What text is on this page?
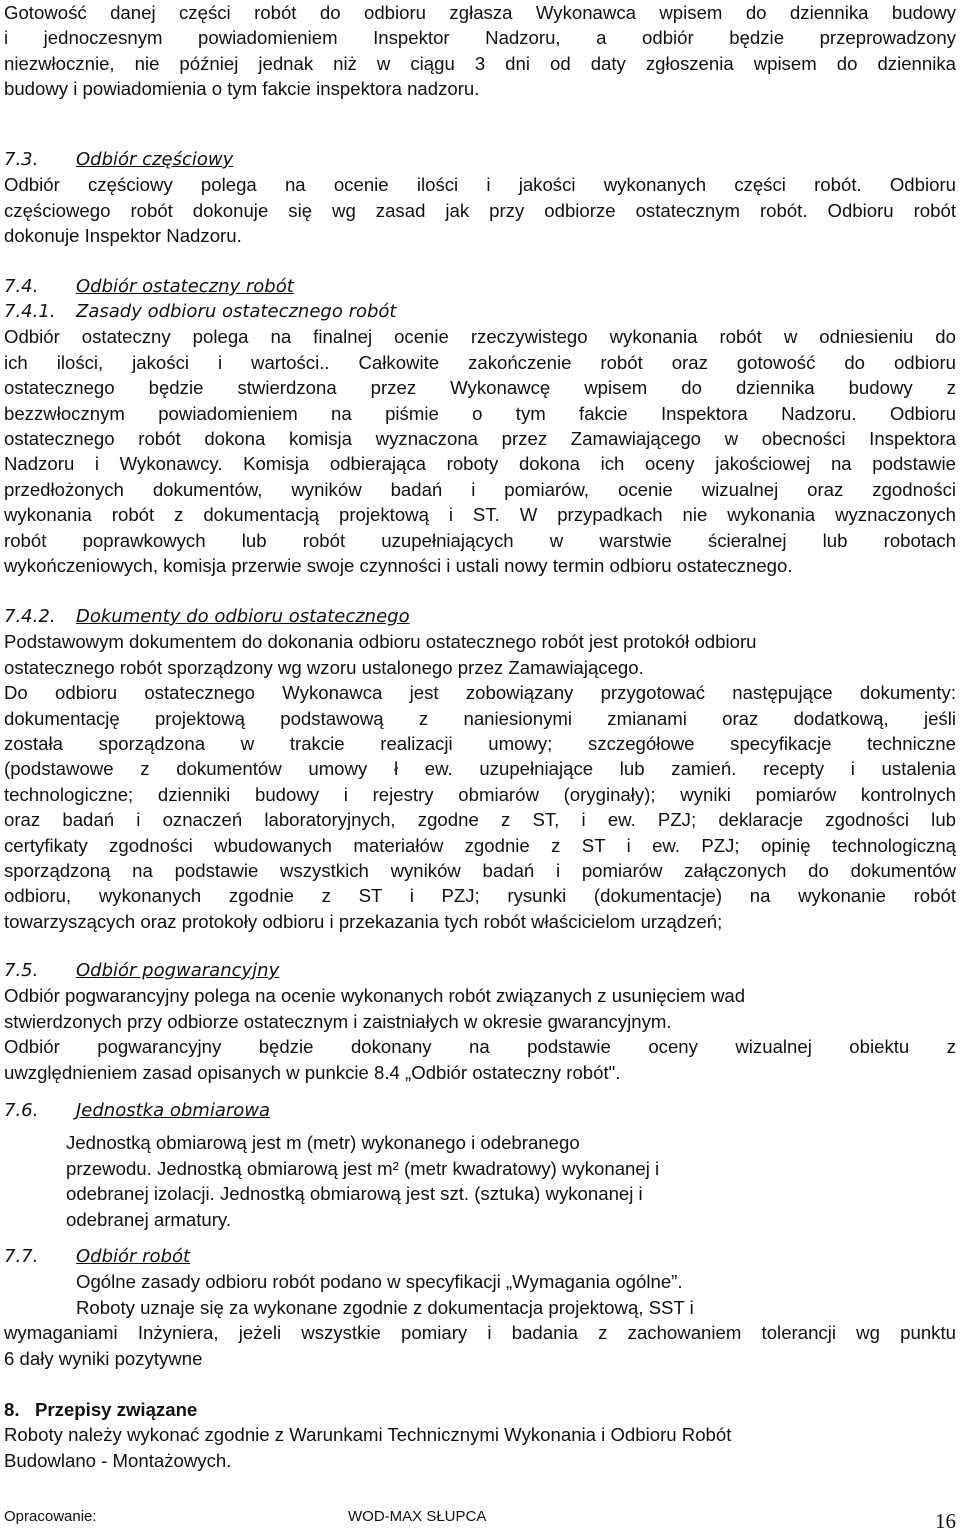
Gotowość danej części robót do odbioru zgłasza Wykonawca wpisem do dziennika budowy

i jednoczesnym powiadomieniem Inspektor Nadzoru, a odbiór będzie przeprowadzony

niezwłocznie, nie później jednak niż w ciągu 3 dni od daty zgłoszenia wpisem do dziennika

budowy i powiadomienia o tym fakcie inspektora nadzoru.

7.3. Odbiór częściowy

Odbiór częściowy polega na ocenie ilości i jakości wykonanych części robót. Odbioru

częściowego robót dokonuje się wg zasad jak przy odbiorze ostatecznym robót. Odbioru robót

dokonuje Inspektor Nadzoru.

7.4. Odbiór ostateczny robót

7.4.1. Zasady odbioru ostatecznego robót

Odbiór ostateczny polega na finalnej ocenie rzeczywistego wykonania robót w odniesieniu do

ich ilości, jakości i wartości.. Całkowite zakończenie robót oraz gotowość do odbioru

ostatecznego będzie stwierdzona przez Wykonawcę wpisem do dziennika budowy z

bezzwłocznym powiadomieniem na piśmie o tym fakcie Inspektora Nadzoru. Odbioru

ostatecznego robót dokona komisja wyznaczona przez Zamawiającego w obecności Inspektora

Nadzoru i Wykonawcy. Komisja odbierająca roboty dokona ich oceny jakościowej na podstawie

przedłożonych dokumentów, wyników badań i pomiarów, ocenie wizualnej oraz zgodności

wykonania robót z dokumentacją projektową i ST. W przypadkach nie wykonania wyznaczonych

robót poprawkowych lub robót uzupełniających w warstwie ścieralnej lub robotach

wykończeniowych, komisja przerwie swoje czynności i ustali nowy termin odbioru ostatecznego.

7.4.2. Dokumenty do odbioru ostatecznego

Podstawowym dokumentem do dokonania odbioru ostatecznego robót jest protokół odbioru

ostatecznego robót sporządzony wg wzoru ustalonego przez Zamawiającego.

Do odbioru ostatecznego Wykonawca jest zobowiązany przygotować następujące dokumenty:

dokumentację projektową podstawową z naniesionymi zmianami oraz dodatkową, jeśli

została sporządzona w trakcie realizacji umowy; szczegółowe specyfikacje techniczne

(podstawowe z dokumentów umowy ł ew. uzupełniające lub zamień. recepty i ustalenia

technologiczne; dzienniki budowy i rejestry obmiarów (oryginały); wyniki pomiarów kontrolnych

oraz badań i oznaczeń laboratoryjnych, zgodne z ST, i ew. PZJ; deklaracje zgodności lub

certyfikaty zgodności wbudowanych materiałów zgodnie z ST i ew. PZJ; opinię technologiczną

sporządzoną na podstawie wszystkich wyników badań i pomiarów załączonych do dokumentów

odbioru, wykonanych zgodnie z ST i PZJ; rysunki (dokumentacje) na wykonanie robót

towarzyszących oraz protokoły odbioru i przekazania tych robót właścicielom urządzeń;

7.5. Odbiór pogwarancyjny

Odbiór pogwarancyjny polega na ocenie wykonanych robót związanych z usunięciem wad

stwierdzonych przy odbiorze ostatecznym i zaistniałych w okresie gwarancyjnym.

Odbiór pogwarancyjny będzie dokonany na podstawie oceny wizualnej obiektu z

uwzględnieniem zasad opisanych w punkcie 8.4 „Odbiór ostateczny robót".

7.6. Jednostka obmiarowa

Jednostką obmiarową jest m (metr) wykonanego i odebranego

przewodu. Jednostką obmiarową jest m² (metr kwadratowy) wykonanej i

odebranej izolacji. Jednostką obmiarową jest szt. (sztuka) wykonanej i

odebranej armatury.

7.7. Odbiór robót

Ogólne zasady odbioru robót podano w specyfikacji „Wymagania ogólne”.

Roboty uznaje się za wykonane zgodnie z dokumentacja projektową, SST i

wymaganiami Inżyniera, jeżeli wszystkie pomiary i badania z zachowaniem tolerancji wg punktu

6 dały wyniki pozytywne

8. Przepisy związane

Roboty należy wykonać zgodnie z Warunkami Technicznymi Wykonania i Odbioru Robót

Budowlano - Montażowych.

Opracowanie:	WOD-MAX SŁUPCA	16
